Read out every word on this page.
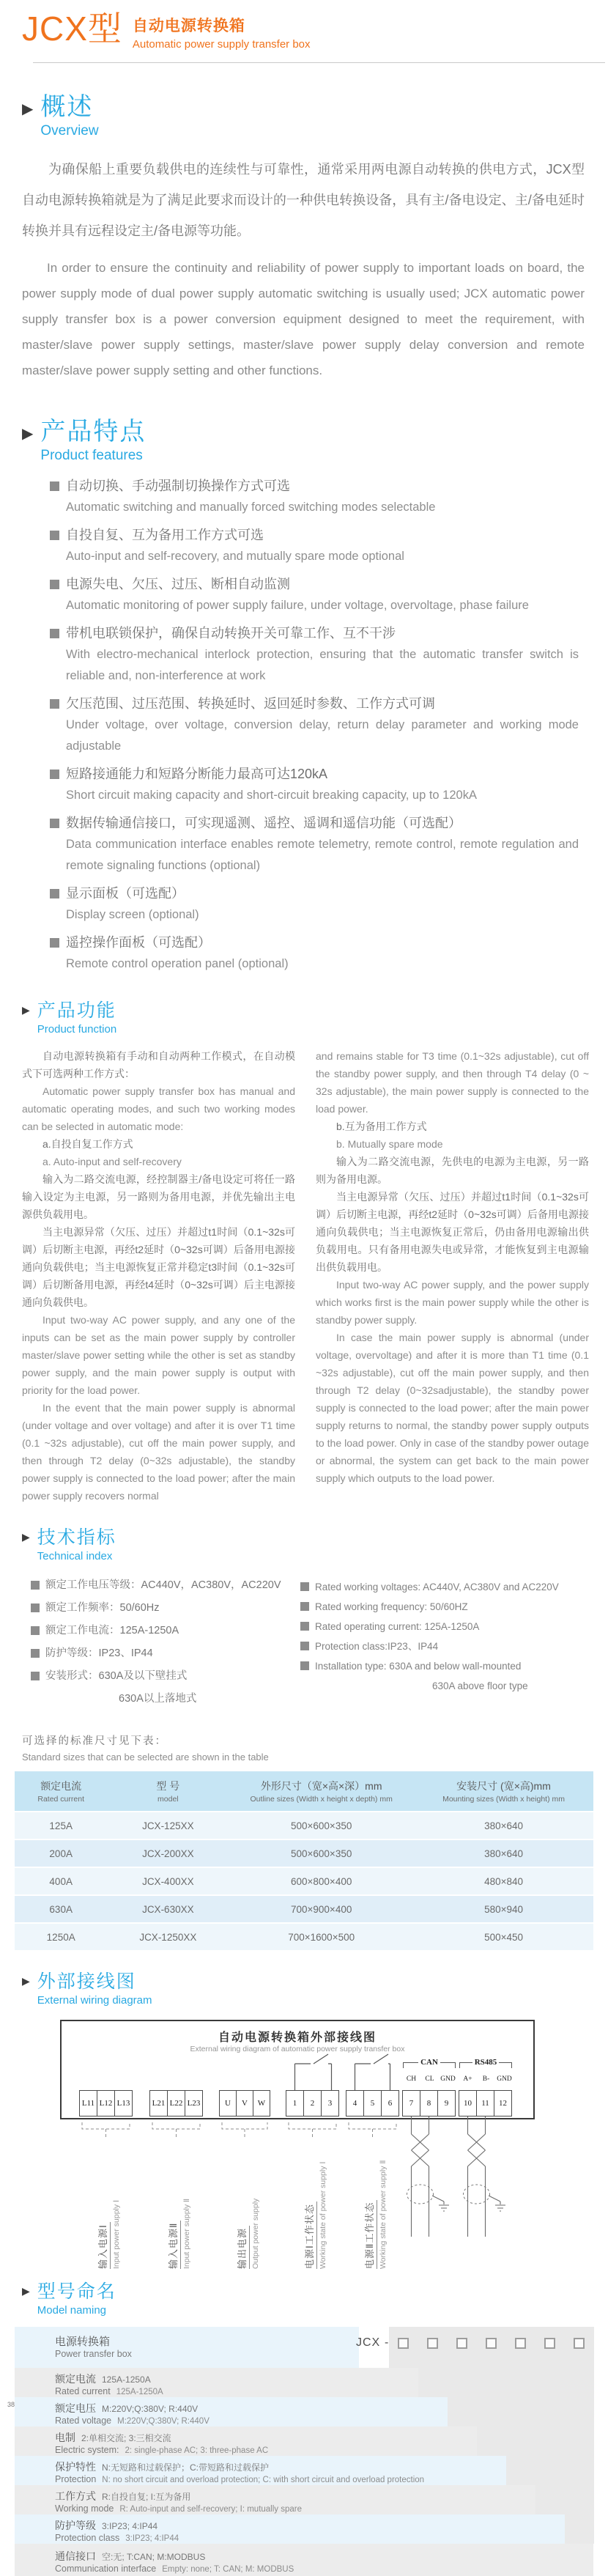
JCX型 自动电源转换箱
Automatic power supply transfer box
▶ 概述
Overview

为确保船上重要负载供电的连续性与可靠性，通常采用两电源自动转换的供电方式，JCX型自动电源转换箱就是为了满足此要求而设计的一种供电转换设备，具有主/备电设定、主/备电延时转换并具有远程设定主/备电源等功能。

In order to ensure the continuity and reliability of power supply to important loads on board, the power supply mode of dual power supply automatic switching is usually used; JCX automatic power supply transfer box is a power conversion equipment designed to meet the requirement, with master/slave power supply settings, master/slave power supply delay conversion and remote master/slave power supply setting and other functions.

▶ 产品特点
Product features
自动切换、手动强制切换操作方式可选
Automatic switching and manually forced switching modes selectable
自投自复、互为备用工作方式可选
Auto-input and self-recovery, and mutually spare mode optional
电源失电、欠压、过压、断相自动监测
Automatic monitoring of power supply failure, under voltage, overvoltage, phase failure
带机电联锁保护，确保自动转换开关可靠工作、互不干涉
With electro-mechanical interlock protection, ensuring that the automatic transfer switch is reliable and, non-interference at work
欠压范围、过压范围、转换延时、返回延时参数、工作方式可调
Under voltage, over voltage, conversion delay, return delay parameter and working mode adjustable
短路接通能力和短路分断能力最高可达120kA
Short circuit making capacity and short-circuit breaking capacity, up to 120kA
数据传输通信接口，可实现遥测、遥控、遥调和遥信功能（可选配）
Data communication interface enables remote telemetry, remote control, remote regulation and remote signaling functions (optional)
显示面板（可选配）
Display screen (optional)
遥控操作面板（可选配）
Remote control operation panel (optional)
▶ 产品功能
Product function

自动电源转换箱有手动和自动两种工作模式，在自动模式下可选两种工作方式：

Automatic power supply transfer box has manual and automatic operating modes, and such two working modes can be selected in automatic mode:

a.自投自复工作方式

a. Auto-input and self-recovery

输入为二路交流电源，经控制器主/备电设定可将任一路输入设定为主电源，另一路则为备用电源，并优先输出主电源供负载用电。

当主电源异常（欠压、过压）并超过t1时间（0.1~32s可调）后切断主电源，再经t2延时（0~32s可调）后备用电源接通向负载供电；当主电源恢复正常并稳定t3时间（0.1~32s可调）后切断备用电源，再经t4延时（0~32s可调）后主电源接通向负载供电。

Input two-way AC power supply, and any one of the inputs can be set as the main power supply by controller master/slave power setting while the other is set as standby power supply, and the main power supply is output with priority for the load power.

In the event that the main power supply is abnormal (under voltage and over voltage) and after it is over T1 time (0.1 ~32s adjustable), cut off the main power supply, and then through T2 delay (0~32s adjustable), the standby power supply is connected to the load power; after the main power supply recovers normal

and remains stable for T3 time (0.1~32s adjustable), cut off the standby power supply, and then through T4 delay (0 ~ 32s adjustable), the main power supply is connected to the load power.

b.互为备用工作方式

b. Mutually spare mode

输入为二路交流电源，先供电的电源为主电源，另一路则为备用电源。

当主电源异常（欠压、过压）并超过t1时间（0.1~32s可调）后切断主电源，再经t2延时（0~32s可调）后备用电源接通向负载供电；当主电源恢复正常后，仍由备用电源输出供负载用电。只有备用电源失电或异常，才能恢复到主电源输出供负载用电。

Input two-way AC power supply, and the power supply which works first is the main power supply while the other is standby power supply.

In case the main power supply is abnormal (under voltage, overvoltage) and after it is more than T1 time (0.1 ~32s adjustable), cut off the main power supply, and then through T2 delay (0~32sadjustable), the standby power supply is connected to the load power; after the main power supply returns to normal, the standby power supply outputs to the load power. Only in case of the standby power outage or abnormal, the system can get back to the main power supply which outputs to the load power.

▶ 技术指标
Technical index
额定工作电压等级：AC440V，AC380V，AC220V
额定工作频率：50/60Hz
额定工作电流：125A-1250A
防护等级：IP23、IP44
安装形式：630A及以下壁挂式
630A以上落地式
Rated working voltages: AC440V, AC380V and AC220V
Rated working frequency: 50/60HZ
Rated operating current: 125A-1250A
Protection class:IP23、IP44
Installation type: 630A and below wall-mounted
630A above floor type
可选择的标准尺寸见下表：
Standard sizes that can be selected are shown in the table
额定电流
Rated current	型 号
model	外形尺寸（宽×高×深）mm
Outline sizes (Width x height x depth) mm	安装尺寸 (宽×高)mm
Mounting sizes (Width x height) mm

125A	JCX-125XX	500×600×350	380×640
200A	JCX-200XX	500×600×350	380×640
400A	JCX-400XX	600×800×400	480×840
630A	JCX-630XX	700×900×400	580×940
1250A	JCX-1250XX	700×1600×500	500×450
▶ 外部接线图
External wiring diagram
自动电源转换箱外部接线图
External wiring diagram of automatic power supply transfer box
CAN	RS485
CH	CL GND	A+	B-	GND
L11 L12 L13	L21 L22 L23	U	V	W	1	2	3	4	5	6	7	8	9	10	11	12
输入电源Ⅰ Input power supply Ⅰ	输入电源Ⅱ Input power supply Ⅱ	输出电源 Output power supply	电源Ⅰ工作状态 Working state of power supply Ⅰ	电源Ⅱ工作状态 Working state of power supply Ⅱ
▶ 型号命名
Model naming
电源转换箱
Power transfer box
额定电流 125A-1250A
Rated current 125A-1250A
额定电压 M:220V;Q:380V; R:440V
Rated voltage M:220V;Q:380V; R:440V
电制 2:单相交流; 3:三相交流
Electric system: 2: single-phase AC; 3: three-phase AC
保护特性 N:无短路和过载保护；C:带短路和过载保护
Protection N: no short circuit and overload protection; C: with short circuit and overload protection
工作方式 R:自投自复; I:互为备用
Working mode R: Auto-input and self-recovery; I: mutually spare
防护等级 3:IP23; 4:IP44
Protection class 3:IP23; 4:IP44
通信接口 空:无; T:CAN; M:MODBUS
Communication interface Empty: none; T: CAN; M: MODBUS
JCX -
38
